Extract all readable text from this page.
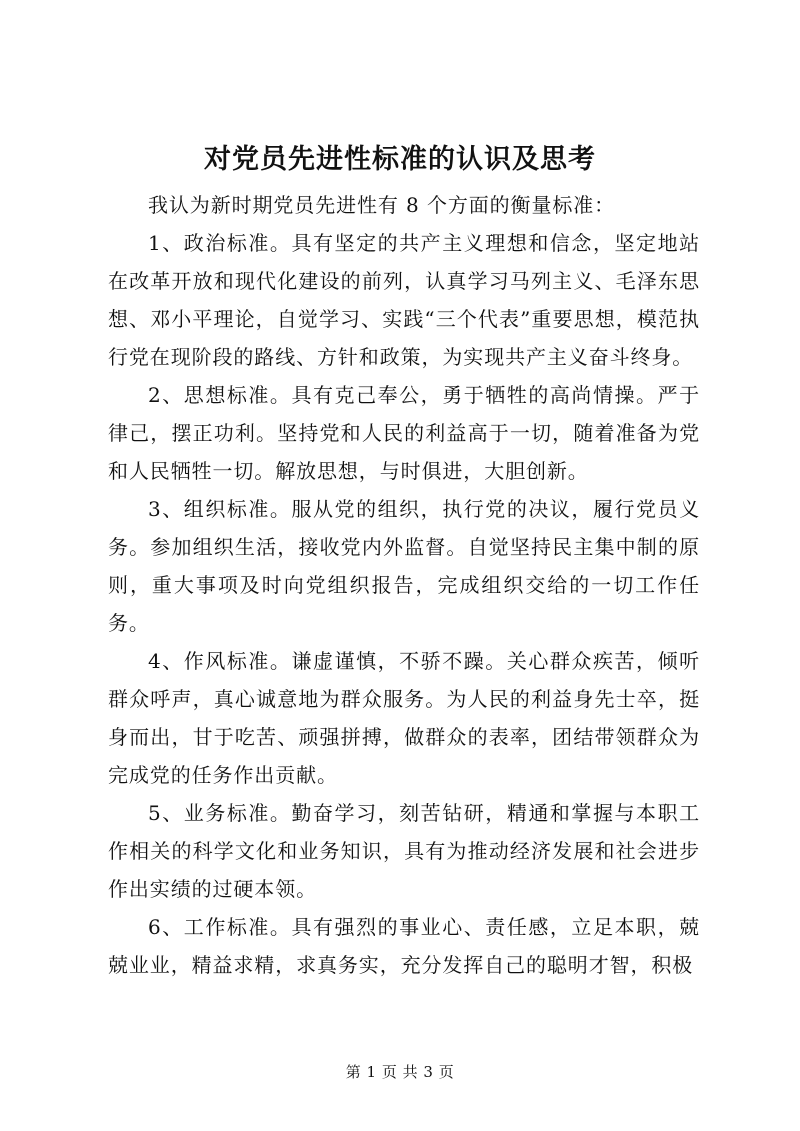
对党员先进性标准的认识及思考

我认为新时期党员先进性有 8 个方面的衡量标准：

1、政治标准。具有坚定的共产主义理想和信念，坚定地站在改革开放和现代化建设的前列，认真学习马列主义、毛泽东思想、邓小平理论，自觉学习、实践“三个代表”重要思想，模范执行党在现阶段的路线、方针和政策，为实现共产主义奋斗终身。

2、思想标准。具有克己奉公，勇于牺牲的高尚情操。严于律己，摆正功利。坚持党和人民的利益高于一切，随着准备为党和人民牺牲一切。解放思想，与时俱进，大胆创新。

3、组织标准。服从党的组织，执行党的决议，履行党员义务。参加组织生活，接收党内外监督。自觉坚持民主集中制的原则，重大事项及时向党组织报告，完成组织交给的一切工作任务。

4、作风标准。谦虚谨慎，不骄不躁。关心群众疾苦，倾听群众呼声，真心诚意地为群众服务。为人民的利益身先士卒，挺身而出，甘于吃苦、顽强拼搏，做群众的表率，团结带领群众为完成党的任务作出贡献。

5、业务标准。勤奋学习，刻苦钻研，精通和掌握与本职工作相关的科学文化和业务知识，具有为推动经济发展和社会进步作出实绩的过硬本领。

6、工作标准。具有强烈的事业心、责任感，立足本职，兢兢业业，精益求精，求真务实，充分发挥自己的聪明才智，积极

第 1 页 共 3 页
